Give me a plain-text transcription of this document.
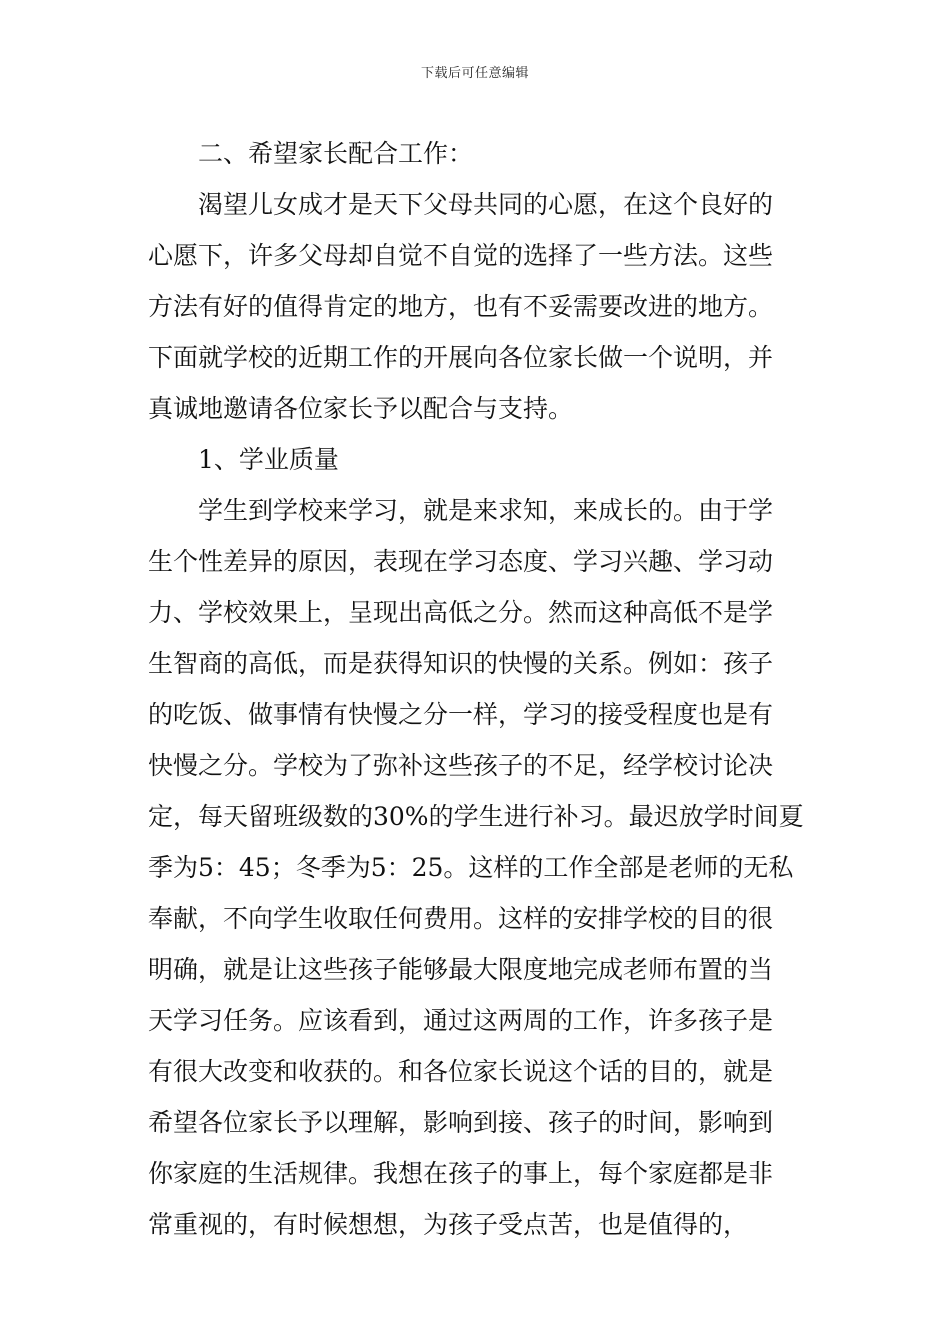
下载后可任意编辑
二、希望家长配合工作：
渴望儿女成才是天下父母共同的心愿，在这个良好的
心愿下，许多父母却自觉不自觉的选择了一些方法。这些
方法有好的值得肯定的地方，也有不妥需要改进的地方。
下面就学校的近期工作的开展向各位家长做一个说明，并
真诚地邀请各位家长予以配合与支持。
1、学业质量
学生到学校来学习，就是来求知，来成长的。由于学
生个性差异的原因，表现在学习态度、学习兴趣、学习动
力、学校效果上，呈现出高低之分。然而这种高低不是学
生智商的高低，而是获得知识的快慢的关系。例如：孩子
的吃饭、做事情有快慢之分一样，学习的接受程度也是有
快慢之分。学校为了弥补这些孩子的不足，经学校讨论决
定，每天留班级数的30%的学生进行补习。最迟放学时间夏
季为5：45；冬季为5：25。这样的工作全部是老师的无私
奉献，不向学生收取任何费用。这样的安排学校的目的很
明确，就是让这些孩子能够最大限度地完成老师布置的当
天学习任务。应该看到，通过这两周的工作，许多孩子是
有很大改变和收获的。和各位家长说这个话的目的，就是
希望各位家长予以理解，影响到接、孩子的时间，影响到
你家庭的生活规律。我想在孩子的事上，每个家庭都是非
常重视的，有时候想想，为孩子受点苦，也是值得的，
